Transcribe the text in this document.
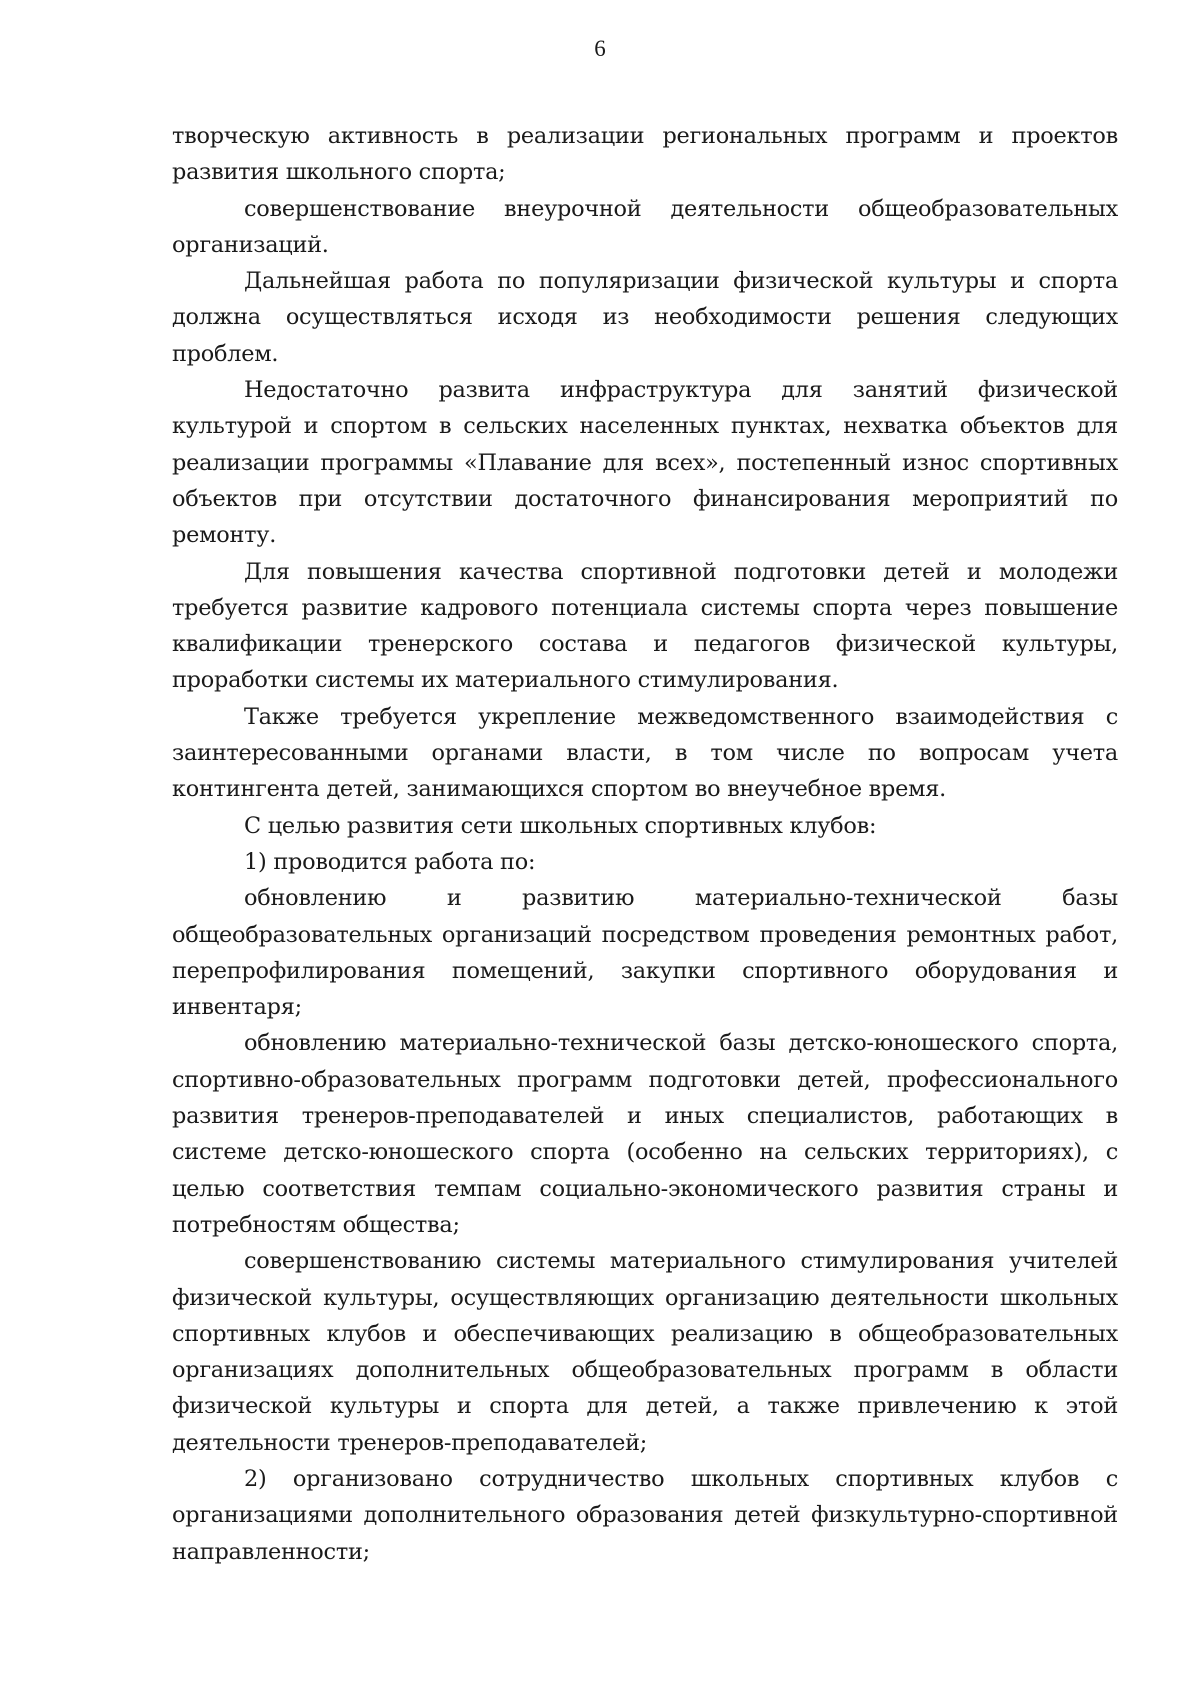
6

творческую активность в реализации региональных программ и проектов развития школьного спорта;

совершенствование внеурочной деятельности общеобразовательных организаций.

Дальнейшая работа по популяризации физической культуры и спорта должна осуществляться исходя из необходимости решения следующих проблем.

Недостаточно развита инфраструктура для занятий физической культурой и спортом в сельских населенных пунктах, нехватка объектов для реализации программы «Плавание для всех», постепенный износ спортивных объектов при отсутствии достаточного финансирования мероприятий по ремонту.

Для повышения качества спортивной подготовки детей и молодежи требуется развитие кадрового потенциала системы спорта через повышение квалификации тренерского состава и педагогов физической культуры, проработки системы их материального стимулирования.

Также требуется укрепление межведомственного взаимодействия с заинтересованными органами власти, в том числе по вопросам учета контингента детей, занимающихся спортом во внеучебное время.

С целью развития сети школьных спортивных клубов:

1) проводится работа по:

обновлению и развитию материально-технической базы общеобразовательных организаций посредством проведения ремонтных работ, перепрофилирования помещений, закупки спортивного оборудования и инвентаря;

обновлению материально-технической базы детско-юношеского спорта, спортивно-образовательных программ подготовки детей, профессионального развития тренеров-преподавателей и иных специалистов, работающих в системе детско-юношеского спорта (особенно на сельских территориях), с целью соответствия темпам социально-экономического развития страны и потребностям общества;

совершенствованию системы материального стимулирования учителей физической культуры, осуществляющих организацию деятельности школьных спортивных клубов и обеспечивающих реализацию в общеобразовательных организациях дополнительных общеобразовательных программ в области физической культуры и спорта для детей, а также привлечению к этой деятельности тренеров-преподавателей;

2) организовано сотрудничество школьных спортивных клубов с организациями дополнительного образования детей физкультурно-спортивной направленности;
